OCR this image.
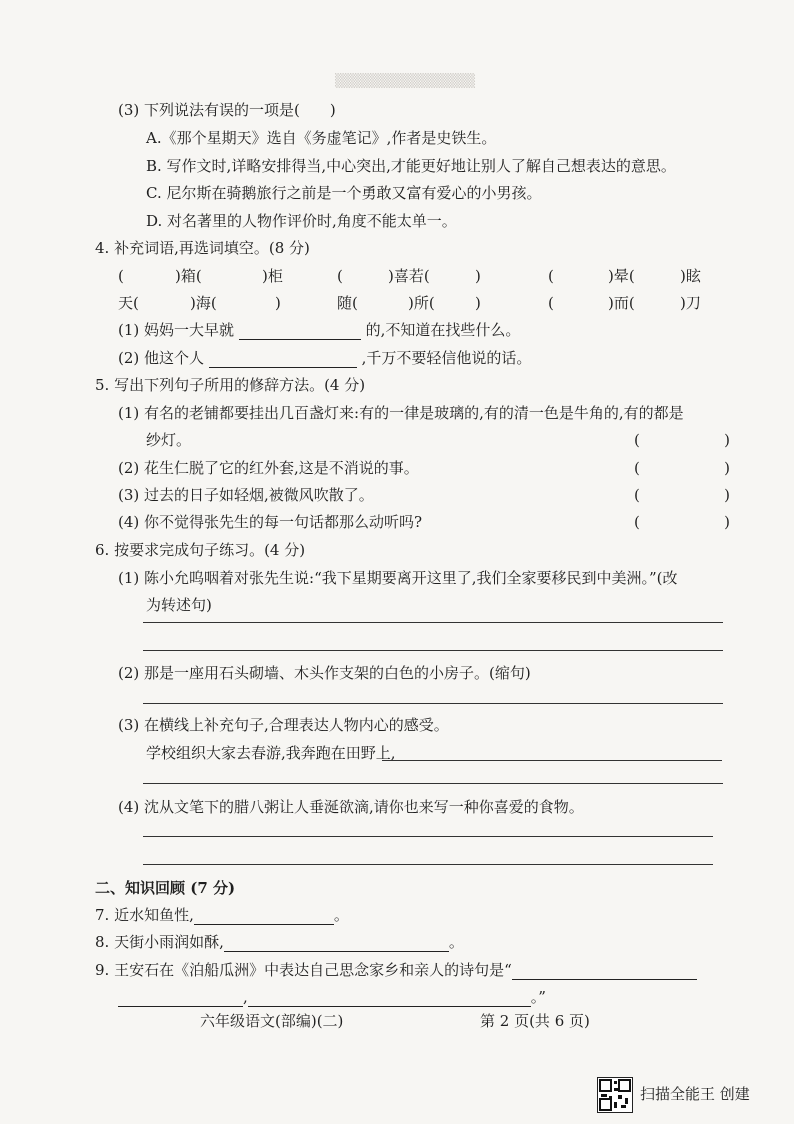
▒▒▒▒▒▒▒▒▒▒▒▒▒▒
(3) 下列说法有误的一项是(　　)
A.《那个星期天》选自《务虚笔记》,作者是史铁生。
B. 写作文时,详略安排得当,中心突出,才能更好地让别人了解自己想表达的意思。
C. 尼尔斯在骑鹅旅行之前是一个勇敢又富有爱心的小男孩。
D. 对名著里的人物作评价时,角度不能太单一。
4. 补充词语,再选词填空。(8 分)
(	)箱(	)柜	(	)喜若(	)	(	)晕(	)眩
天(	)海(	)	随(	)所(	)	(	)而(	)刀
(1) 妈妈一大早就	的,不知道在找些什么。
(2) 他这个人	,千万不要轻信他说的话。
5. 写出下列句子所用的修辞方法。(4 分)
(1) 有名的老铺都要挂出几百盏灯来:有的一律是玻璃的,有的清一色是牛角的,有的都是
纱灯。	(	)
(2) 花生仁脱了它的红外套,这是不消说的事。	(	)
(3) 过去的日子如轻烟,被微风吹散了。	(	)
(4) 你不觉得张先生的每一句话都那么动听吗?	(	)
6. 按要求完成句子练习。(4 分)
(1) 陈小允呜咽着对张先生说:“我下星期要离开这里了,我们全家要移民到中美洲。”(改
为转述句)
(2) 那是一座用石头砌墙、木头作支架的白色的小房子。(缩句)
(3) 在横线上补充句子,合理表达人物内心的感受。
学校组织大家去春游,我奔跑在田野上,
(4) 沈从文笔下的腊八粥让人垂涎欲滴,请你也来写一种你喜爱的食物。
二、知识回顾 (7 分)
7. 近水知鱼性,	。
8. 天街小雨润如酥,	。
9. 王安石在《泊船瓜洲》中表达自己思念家乡和亲人的诗句是“
,	。”
六年级语文(部编)(二)	第 2 页(共 6 页)
扫描全能王 创建
